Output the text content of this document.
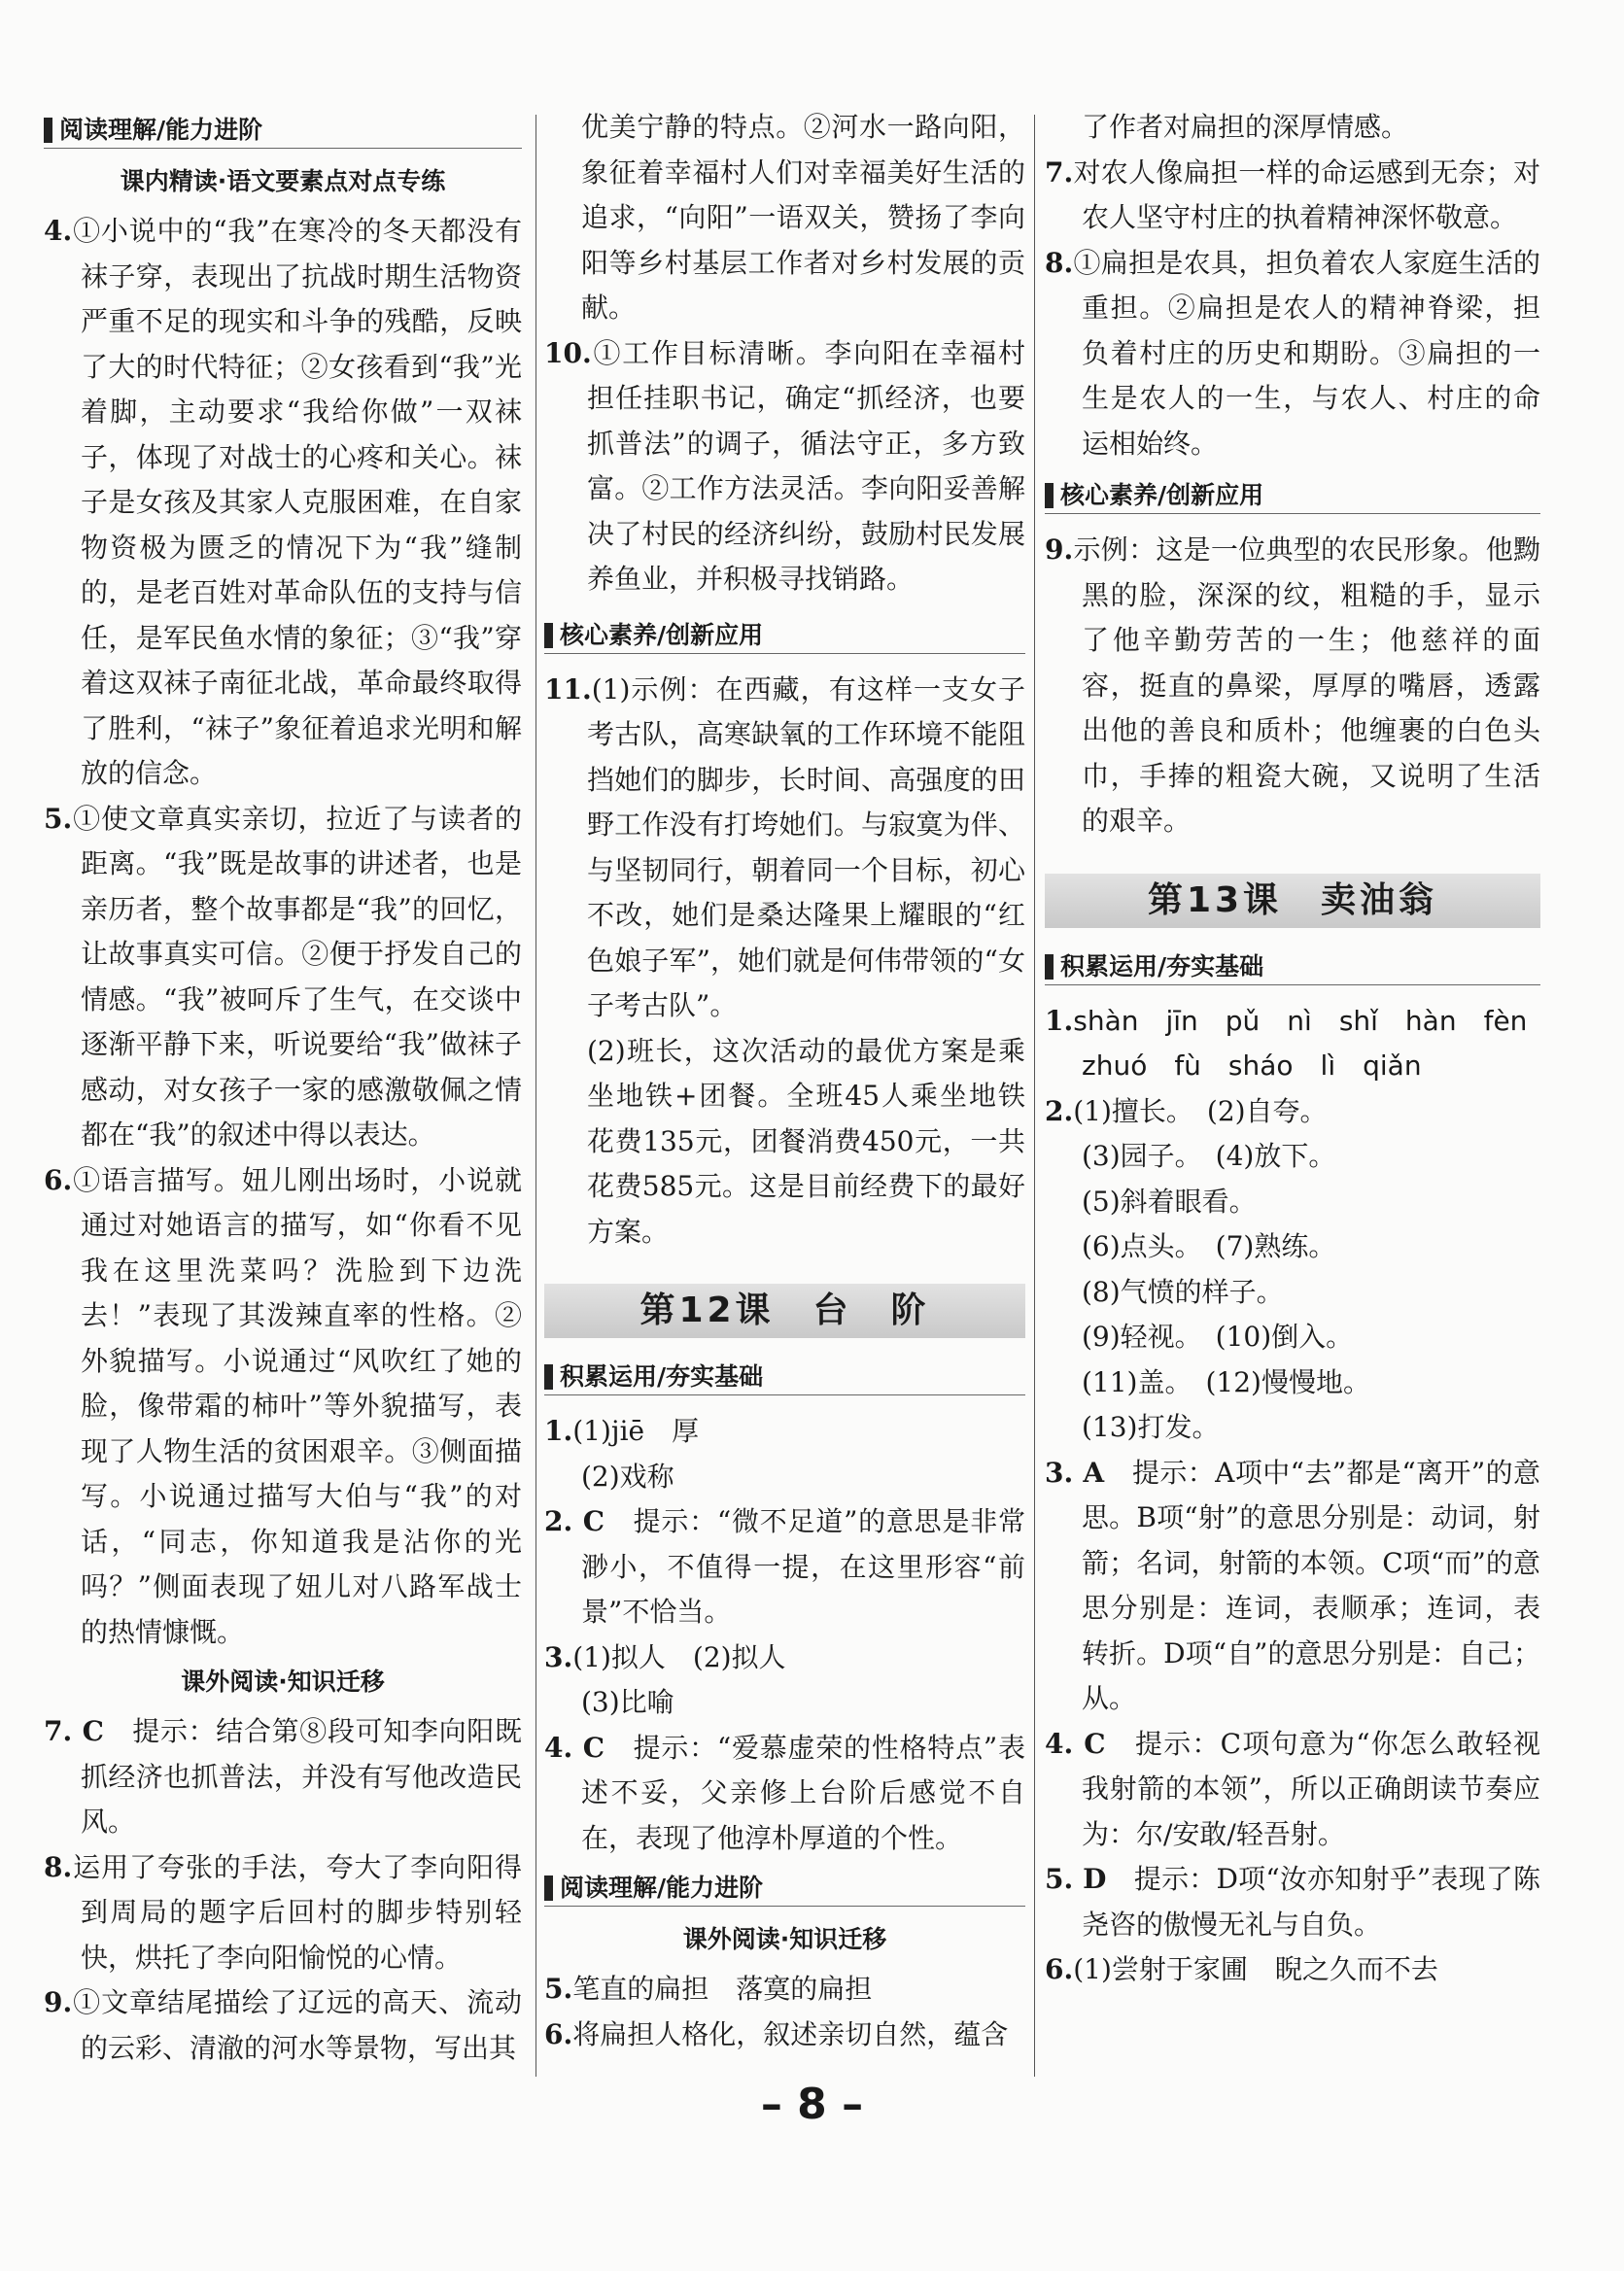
阅读理解/能力进阶
课内精读·语文要素点对点专练
4.①小说中的“我”在寒冷的冬天都没有袜子穿，表现出了抗战时期生活物资严重不足的现实和斗争的残酷，反映了大的时代特征；②女孩看到“我”光着脚，主动要求“我给你做”一双袜子，体现了对战士的心疼和关心。袜子是女孩及其家人克服困难，在自家物资极为匮乏的情况下为“我”缝制的，是老百姓对革命队伍的支持与信任，是军民鱼水情的象征；③“我”穿着这双袜子南征北战，革命最终取得了胜利，“袜子”象征着追求光明和解放的信念。
5.①使文章真实亲切，拉近了与读者的距离。“我”既是故事的讲述者，也是亲历者，整个故事都是“我”的回忆，让故事真实可信。②便于抒发自己的情感。“我”被呵斥了生气，在交谈中逐渐平静下来，听说要给“我”做袜子感动，对女孩子一家的感激敬佩之情都在“我”的叙述中得以表达。
6.①语言描写。妞儿刚出场时，小说就通过对她语言的描写，如“你看不见我在这里洗菜吗？洗脸到下边洗去！”表现了其泼辣直率的性格。②外貌描写。小说通过“风吹红了她的脸，像带霜的柿叶”等外貌描写，表现了人物生活的贫困艰辛。③侧面描写。小说通过描写大伯与“我”的对话，“同志，你知道我是沾你的光吗？”侧面表现了妞儿对八路军战士的热情慷慨。
课外阅读·知识迁移
7. C　 提示：结合第⑧段可知李向阳既抓经济也抓普法，并没有写他改造民风。
8.运用了夸张的手法，夸大了李向阳得到周局的题字后回村的脚步特别轻快，烘托了李向阳愉悦的心情。
9.①文章结尾描绘了辽远的高天、流动的云彩、清澈的河水等景物，写出其
优美宁静的特点。②河水一路向阳，象征着幸福村人们对幸福美好生活的追求，“向阳”一语双关，赞扬了李向阳等乡村基层工作者对乡村发展的贡献。
10.①工作目标清晰。李向阳在幸福村担任挂职书记，确定“抓经济，也要抓普法”的调子，循法守正，多方致富。②工作方法灵活。李向阳妥善解决了村民的经济纠纷，鼓励村民发展养鱼业，并积极寻找销路。
核心素养/创新应用
11.(1)示例：在西藏，有这样一支女子考古队，高寒缺氧的工作环境不能阻挡她们的脚步，长时间、高强度的田野工作没有打垮她们。与寂寞为伴、与坚韧同行，朝着同一个目标，初心不改，她们是桑达隆果上耀眼的“红色娘子军”，她们就是何伟带领的“女子考古队”。
(2)班长，这次活动的最优方案是乘坐地铁+团餐。全班45人乘坐地铁花费135元，团餐消费450元，一共花费585元。这是目前经费下的最好方案。
第12课　台　阶
积累运用/夯实基础
1.(1)jiē　厚
(2)戏称
2. C　 提示：“微不足道”的意思是非常渺小，不值得一提，在这里形容“前景”不恰当。
3.(1)拟人　(2)拟人
(3)比喻
4. C　 提示：“爱慕虚荣的性格特点”表述不妥，父亲修上台阶后感觉不自在，表现了他淳朴厚道的个性。
阅读理解/能力进阶
课外阅读·知识迁移
5.笔直的扁担　落寞的扁担
6.将扁担人格化，叙述亲切自然，蕴含
了作者对扁担的深厚情感。
7.对农人像扁担一样的命运感到无奈；对农人坚守村庄的执着精神深怀敬意。
8.①扁担是农具，担负着农人家庭生活的重担。②扁担是农人的精神脊梁，担负着村庄的历史和期盼。③扁担的一生是农人的一生，与农人、村庄的命运相始终。
核心素养/创新应用
9.示例：这是一位典型的农民形象。他黝黑的脸，深深的纹，粗糙的手，显示了他辛勤劳苦的一生；他慈祥的面容，挺直的鼻梁，厚厚的嘴唇，透露出他的善良和质朴；他缠裹的白色头巾，手捧的粗瓷大碗，又说明了生活的艰辛。
第13课　卖油翁
积累运用/夯实基础
1.shàn　jīn　pǔ　nì　shǐ　hàn　fèn
zhuó　fù　sháo　lì　qiǎn
2.(1)擅长。　(2)自夸。
(3)园子。　(4)放下。
(5)斜着眼看。
(6)点头。　(7)熟练。
(8)气愤的样子。
(9)轻视。　(10)倒入。
(11)盖。　(12)慢慢地。
(13)打发。
3. A　 提示：A项中“去”都是“离开”的意思。B项“射”的意思分别是：动词，射箭；名词，射箭的本领。C项“而”的意思分别是：连词，表顺承；连词，表转折。D项“自”的意思分别是：自己；从。
4. C　 提示：C项句意为“你怎么敢轻视我射箭的本领”，所以正确朗读节奏应为：尔/安敢/轻吾射。
5. D　 提示：D项“汝亦知射乎”表现了陈尧咨的傲慢无礼与自负。
6.(1)尝射于家圃　睨之久而不去
– 8 –
